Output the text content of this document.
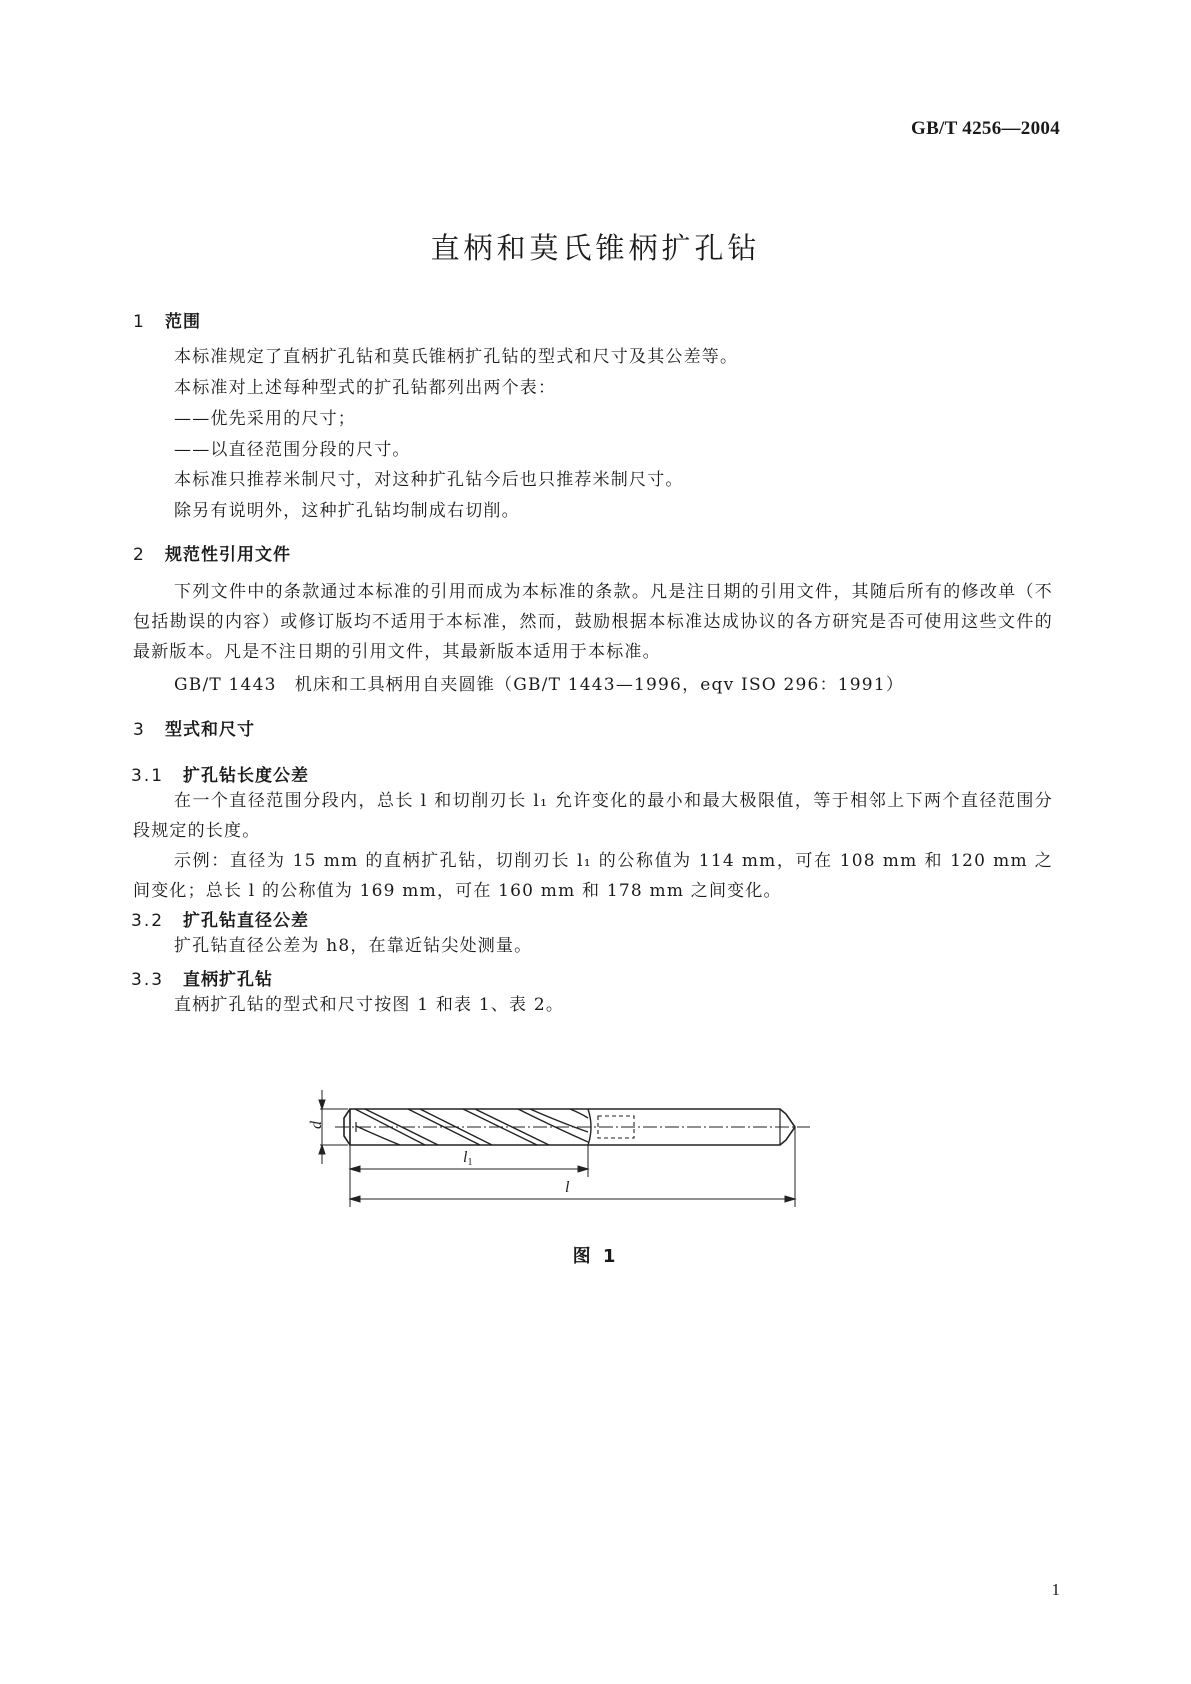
GB/T 4256—2004
直柄和莫氏锥柄扩孔钻
1 范围
本标准规定了直柄扩孔钻和莫氏锥柄扩孔钻的型式和尺寸及其公差等。
本标准对上述每种型式的扩孔钻都列出两个表：
——优先采用的尺寸；
——以直径范围分段的尺寸。
本标准只推荐米制尺寸，对这种扩孔钻今后也只推荐米制尺寸。
除另有说明外，这种扩孔钻均制成右切削。
2 规范性引用文件
下列文件中的条款通过本标准的引用而成为本标准的条款。凡是注日期的引用文件，其随后所有的修改单（不包括勘误的内容）或修订版均不适用于本标准，然而，鼓励根据本标准达成协议的各方研究是否可使用这些文件的最新版本。凡是不注日期的引用文件，其最新版本适用于本标准。
GB/T 1443　机床和工具柄用自夹圆锥（GB/T 1443—1996，eqv ISO 296：1991）
3 型式和尺寸
3.1 扩孔钻长度公差
在一个直径范围分段内，总长 l 和切削刃长 l₁ 允许变化的最小和最大极限值，等于相邻上下两个直径范围分段规定的长度。
示例：直径为 15 mm 的直柄扩孔钻，切削刃长 l₁ 的公称值为 114 mm，可在 108 mm 和 120 mm 之间变化；总长 l 的公称值为 169 mm，可在 160 mm 和 178 mm 之间变化。
3.2 扩孔钻直径公差
扩孔钻直径公差为 h8，在靠近钻尖处测量。
3.3 直柄扩孔钻
直柄扩孔钻的型式和尺寸按图 1 和表 1、表 2。
d
l1
l
图 1
1
